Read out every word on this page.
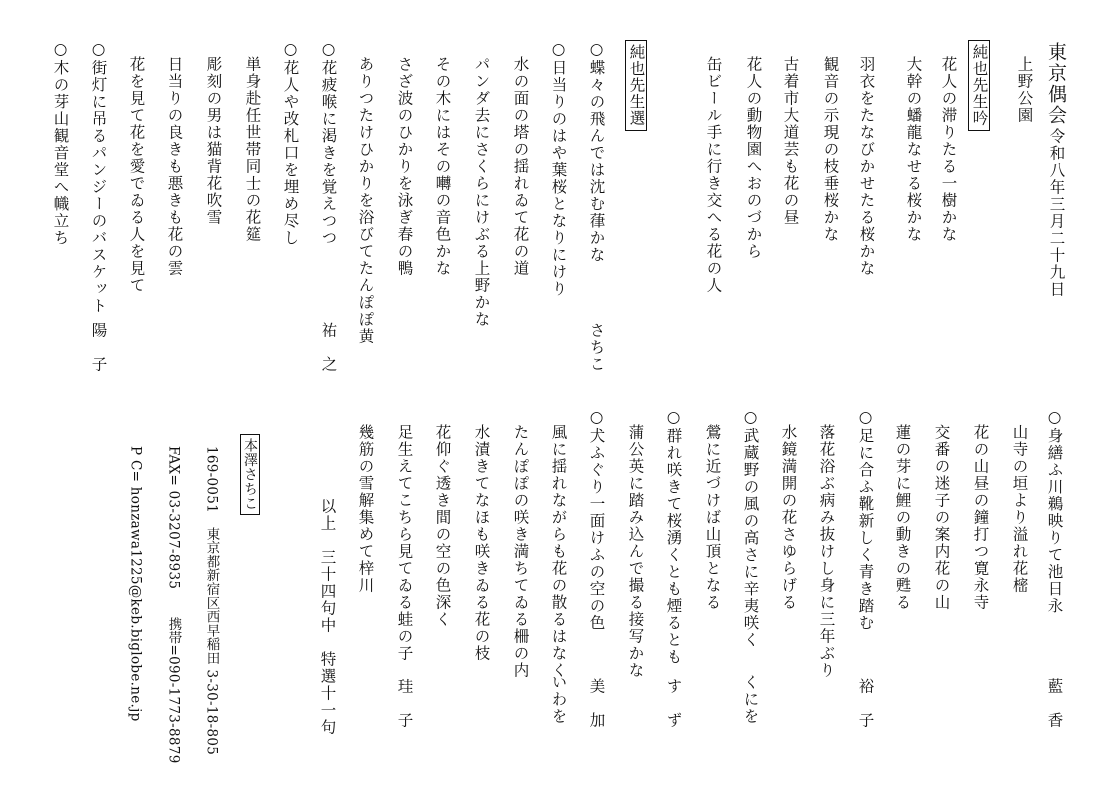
東京偶会
令和八年三月二十九日
上野公園
純也先生吟
花人の滞りたる一樹かな
大幹の蟠龍なせる桜かな
羽衣をたなびかせたる桜かな
観音の示現の枝垂桜かな
古着市大道芸も花の昼
花人の動物園へおのづから
缶ビール手に行き交へる花の人
純也先生選
○蝶々の飛んでは沈む葎かな
さちこ
○日当りのはや葉桜となりにけり
水の面の塔の揺れゐて花の道
パンダ去にさくらにけぶる上野かな
その木にはその囀の音色かな
さざ波のひかりを泳ぎ春の鴨
ありつたけひかりを浴びてたんぽぽ黄
○花疲喉に渇きを覚えつつ
祐　之
○花人や改札口を埋め尽し
単身赴任世帯同士の花筵
彫刻の男は猫背花吹雪
日当りの良きも悪きも花の雲
花を見て花を愛でゐる人を見て
○街灯に吊るパンジーのバスケット
陽　子
○木の芽山観音堂へ幟立ち
○身繕ふ川鵜映りて池日永
藍　香
山寺の垣より溢れ花樒
花の山昼の鐘打つ寛永寺
交番の迷子の案内花の山
蓮の芽に鯉の動きの甦る
○足に合ふ靴新しく青き踏む
裕　子
落花浴ぶ病み抜けし身に三年ぶり
水鏡満開の花さゆらげる
○武蔵野の風の高さに辛夷咲く
くにを
鶯に近づけば山頂となる
○群れ咲きて桜湧くとも煙るとも
す　ず
蒲公英に踏み込んで撮る接写かな
○犬ふぐり一面けふの空の色
美　加
風に揺れながらも花の散るはなく
いわを
たんぽぽの咲き満ちてゐる柵の内
水漬きてなほも咲きゐる花の枝
花仰ぐ透き間の空の色深く
足生えてこちら見てゐる蛙の子
珪　子
幾筋の雪解集めて梓川
以上　三十四句中　特選十一句
本澤さちこ
169-0051　東京都新宿区西早稲田 3-30-18-805
FAX= 03-3207-8935　　携帯=090-1773-8879
P C= honzawa1225@keb.biglobe.ne.jp
